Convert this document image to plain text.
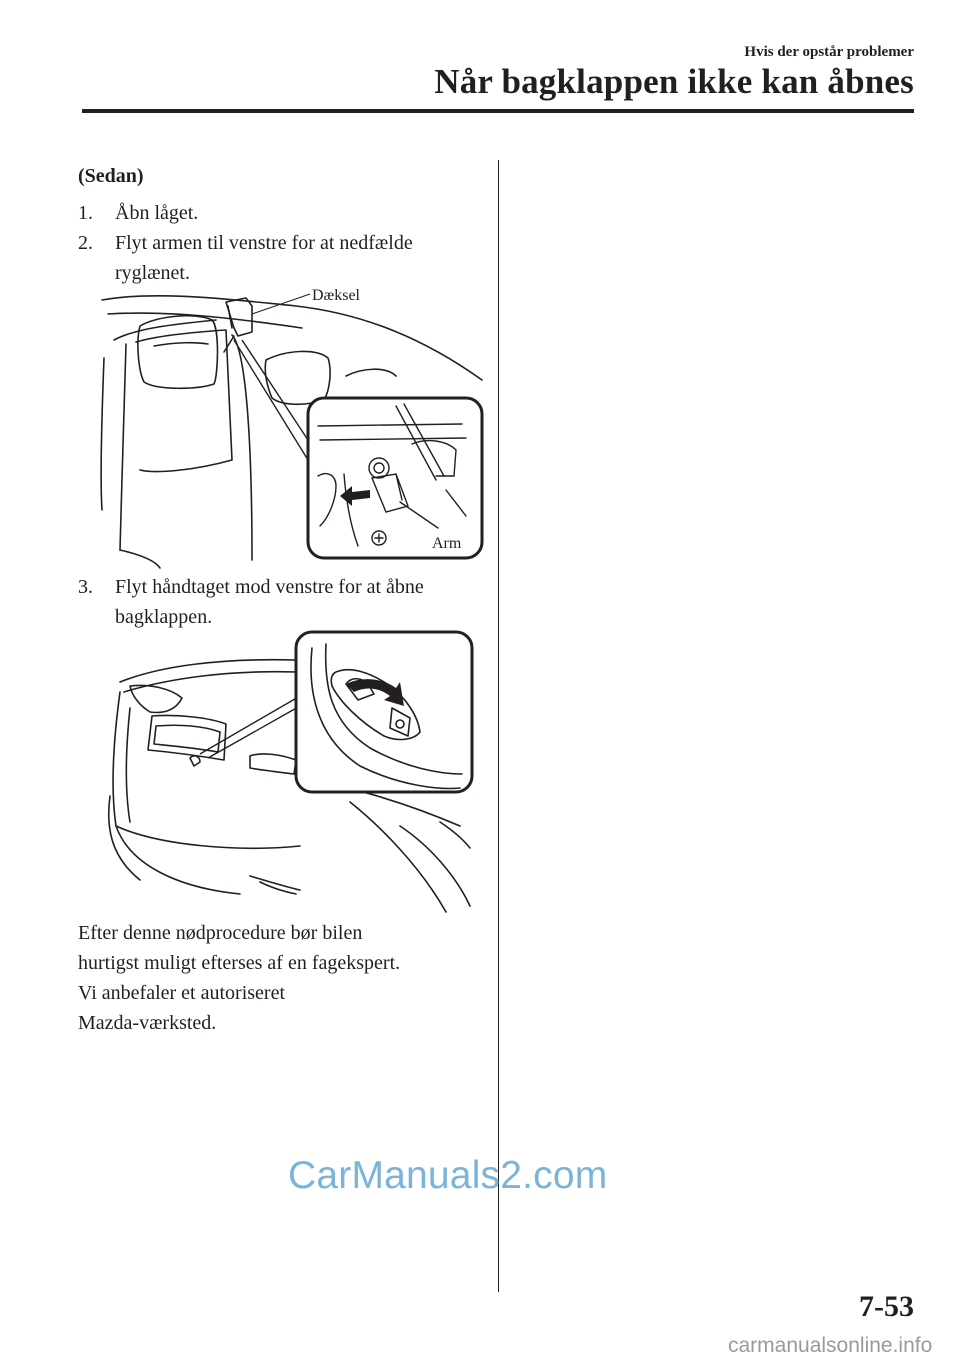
Hvis der opstår problemer
Når bagklappen ikke kan åbnes
(Sedan)
1. Åbn låget.
2. Flyt armen til venstre for at nedfælde
ryglænet.
Dæksel
Arm
3. Flyt håndtaget mod venstre for at åbne
bagklappen.
Efter denne nødprocedure bør bilen
hurtigst muligt efterses af en fagekspert.
Vi anbefaler et autoriseret
Mazda-værksted.
CarManuals2.com
7-53
carmanualsonline.info
